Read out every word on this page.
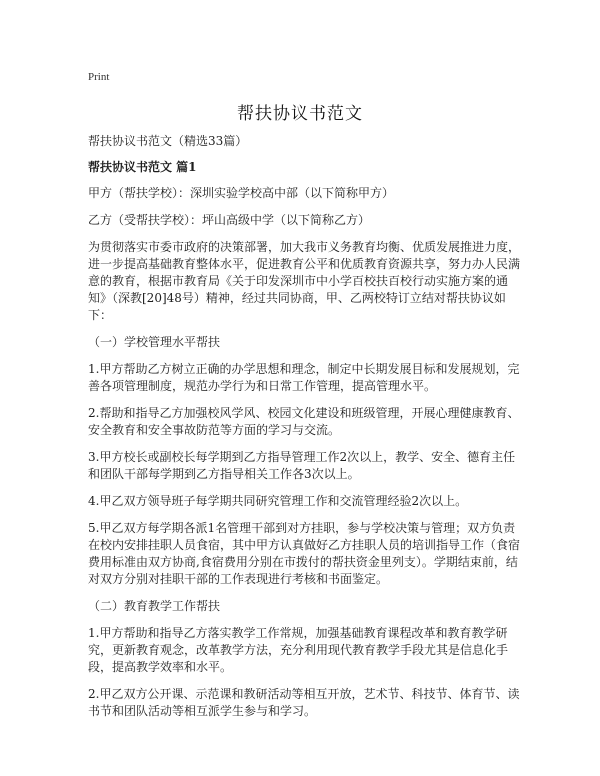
Print
帮扶协议书范文

帮扶协议书范文（精选33篇）

帮扶协议书范文 篇1

甲方（帮扶学校）：深圳实验学校高中部（以下简称甲方）

乙方（受帮扶学校）：坪山高级中学（以下简称乙方）

为贯彻落实市委市政府的决策部署，加大我市义务教育均衡、优质发展推进力度，进一步提高基础教育整体水平，促进教育公平和优质教育资源共享，努力办人民满意的教育，根据市教育局《关于印发深圳市中小学百校扶百校行动实施方案的通知》（深教[20]48号）精神，经过共同协商，甲、乙两校特订立结对帮扶协议如下：

（一）学校管理水平帮扶

1.甲方帮助乙方树立正确的办学思想和理念，制定中长期发展目标和发展规划，完善各项管理制度，规范办学行为和日常工作管理，提高管理水平。

2.帮助和指导乙方加强校风学风、校园文化建设和班级管理，开展心理健康教育、安全教育和安全事故防范等方面的学习与交流。

3.甲方校长或副校长每学期到乙方指导管理工作2次以上，教学、安全、德育主任和团队干部每学期到乙方指导相关工作各3次以上。

4.甲乙双方领导班子每学期共同研究管理工作和交流管理经验2次以上。

5.甲乙双方每学期各派1名管理干部到对方挂职，参与学校决策与管理；双方负责在校内安排挂职人员食宿，其中甲方认真做好乙方挂职人员的培训指导工作（食宿费用标准由双方协商,食宿费用分别在市拨付的帮扶资金里列支）。学期结束前，结对双方分别对挂职干部的工作表现进行考核和书面鉴定。

（二）教育教学工作帮扶

1.甲方帮助和指导乙方落实教学工作常规，加强基础教育课程改革和教育教学研究，更新教育观念，改革教学方法，充分利用现代教育教学手段尤其是信息化手段，提高教学效率和水平。

2.甲乙双方公开课、示范课和教研活动等相互开放，艺术节、科技节、体育节、读书节和团队活动等相互派学生参与和学习。
